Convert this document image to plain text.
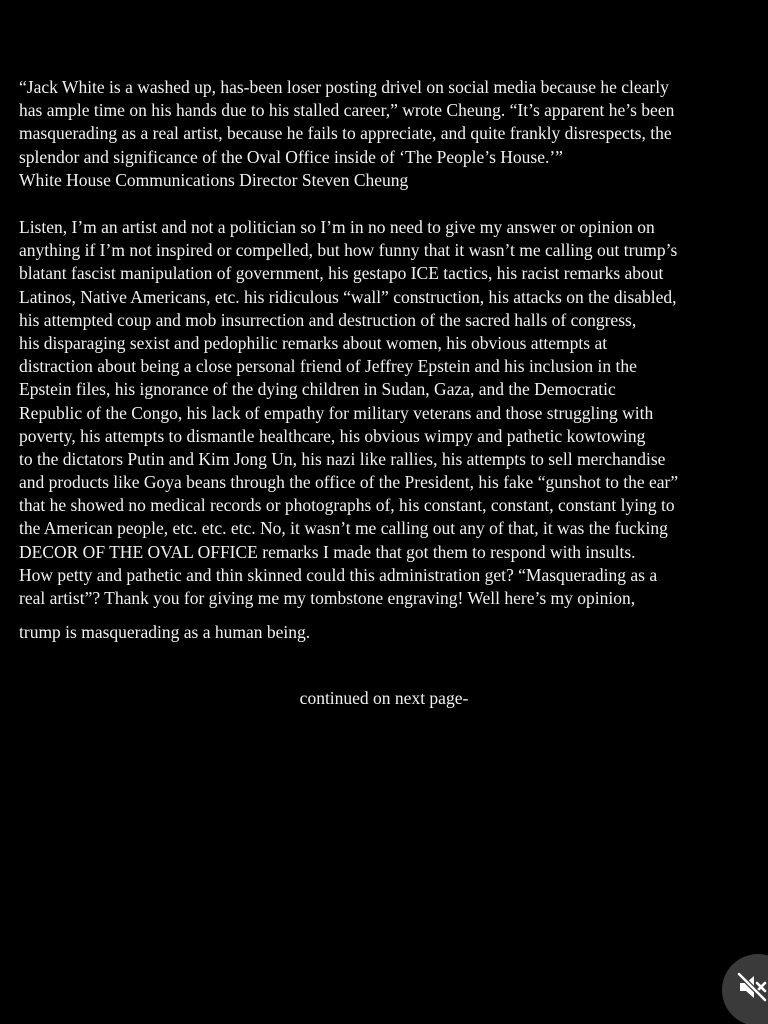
“Jack White is a washed up, has-been loser posting drivel on social media because he clearly
has ample time on his hands due to his stalled career,” wrote Cheung. “It’s apparent he’s been
masquerading as a real artist, because he fails to appreciate, and quite frankly disrespects, the
splendor and significance of the Oval Office inside of ‘The People’s House.’”
White House Communications Director Steven Cheung
Listen, I’m an artist and not a politician so I’m in no need to give my answer or opinion on
anything if I’m not inspired or compelled, but how funny that it wasn’t me calling out trump’s
blatant fascist manipulation of government, his gestapo ICE tactics, his racist remarks about
Latinos, Native Americans, etc. his ridiculous “wall” construction, his attacks on the disabled,
his attempted coup and mob insurrection and destruction of the sacred halls of congress,
his disparaging sexist and pedophilic remarks about women, his obvious attempts at
distraction about being a close personal friend of Jeffrey Epstein and his inclusion in the
Epstein files, his ignorance of the dying children in Sudan, Gaza, and the Democratic
Republic of the Congo, his lack of empathy for military veterans and those struggling with
poverty, his attempts to dismantle healthcare, his obvious wimpy and pathetic kowtowing
to the dictators Putin and Kim Jong Un, his nazi like rallies, his attempts to sell merchandise
and products like Goya beans through the office of the President, his fake “gunshot to the ear”
that he showed no medical records or photographs of, his constant, constant, constant lying to
the American people, etc. etc. etc. No, it wasn’t me calling out any of that, it was the fucking
DECOR OF THE OVAL OFFICE remarks I made that got them to respond with insults.
How petty and pathetic and thin skinned could this administration get? “Masquerading as a
real artist”? Thank you for giving me my tombstone engraving! Well here’s my opinion,
trump is masquerading as a human being.
continued on next page-
